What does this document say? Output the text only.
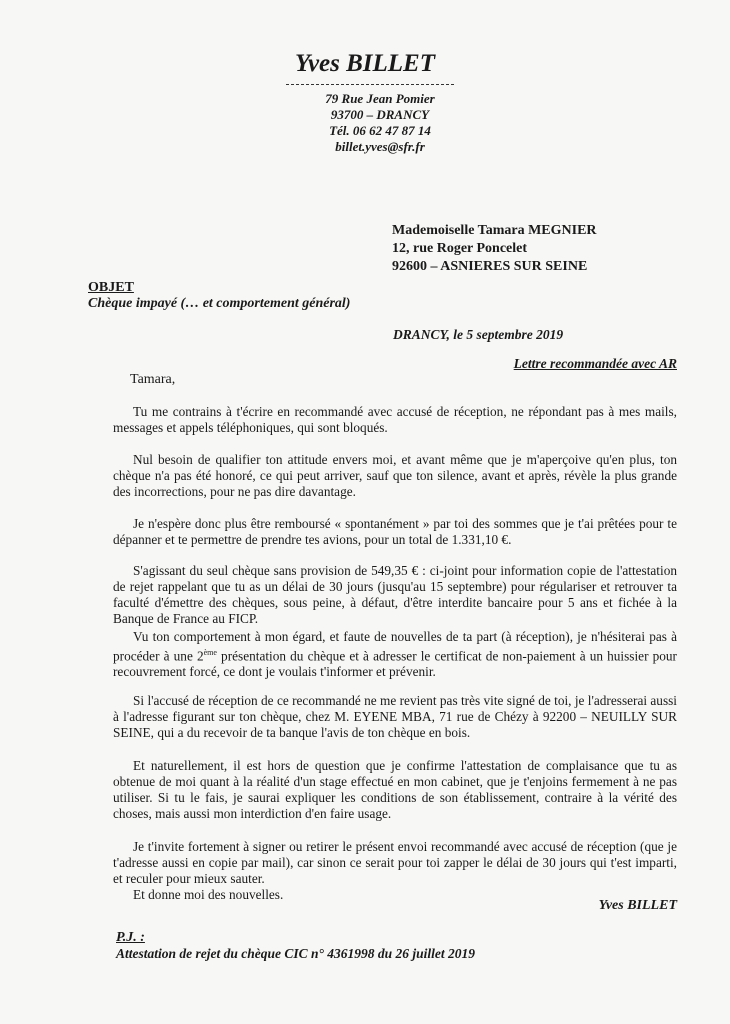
Yves BILLET
79 Rue Jean Pomier
93700 – DRANCY
Tél. 06 62 47 87 14
billet.yves@sfr.fr
Mademoiselle Tamara MEGNIER
12, rue Roger Poncelet
92600 – ASNIERES SUR SEINE
OBJET
Chèque impayé (… et comportement général)
DRANCY, le 5 septembre 2019
Lettre recommandée avec AR
Tamara,
Tu me contrains à t'écrire en recommandé avec accusé de réception, ne répondant pas à mes mails, messages et appels téléphoniques, qui sont bloqués.
Nul besoin de qualifier ton attitude envers moi, et avant même que je m'aperçoive qu'en plus, ton chèque n'a pas été honoré, ce qui peut arriver, sauf que ton silence, avant et après, révèle la plus grande des incorrections, pour ne pas dire davantage.
Je n'espère donc plus être remboursé « spontanément » par toi des sommes que je t'ai prêtées pour te dépanner et te permettre de prendre tes avions, pour un total de 1.331,10 €.
S'agissant du seul chèque sans provision de 549,35 € : ci-joint pour information copie de l'attestation de rejet rappelant que tu as un délai de 30 jours (jusqu'au 15 septembre) pour régulariser et retrouver ta faculté d'émettre des chèques, sous peine, à défaut, d'être interdite bancaire pour 5 ans et fichée à la Banque de France au FICP.
Vu ton comportement à mon égard, et faute de nouvelles de ta part (à réception), je n'hésiterai pas à procéder à une 2ème présentation du chèque et à adresser le certificat de non-paiement à un huissier pour recouvrement forcé, ce dont je voulais t'informer et prévenir.
Si l'accusé de réception de ce recommandé ne me revient pas très vite signé de toi, je l'adresserai aussi à l'adresse figurant sur ton chèque, chez M. EYENE MBA, 71 rue de Chézy à 92200 – NEUILLY SUR SEINE, qui a du recevoir de ta banque l'avis de ton chèque en bois.
Et naturellement, il est hors de question que je confirme l'attestation de complaisance que tu as obtenue de moi quant à la réalité d'un stage effectué en mon cabinet, que je t'enjoins fermement à ne pas utiliser. Si tu le fais, je saurai expliquer les conditions de son établissement, contraire à la vérité des choses, mais aussi mon interdiction d'en faire usage.
Je t'invite fortement à signer ou retirer le présent envoi recommandé avec accusé de réception (que je t'adresse aussi en copie par mail), car sinon ce serait pour toi zapper le délai de 30 jours qui t'est imparti, et reculer pour mieux sauter.
Et donne moi des nouvelles.
Yves BILLET
P.J. :
Attestation de rejet du chèque CIC n° 4361998 du 26 juillet 2019
